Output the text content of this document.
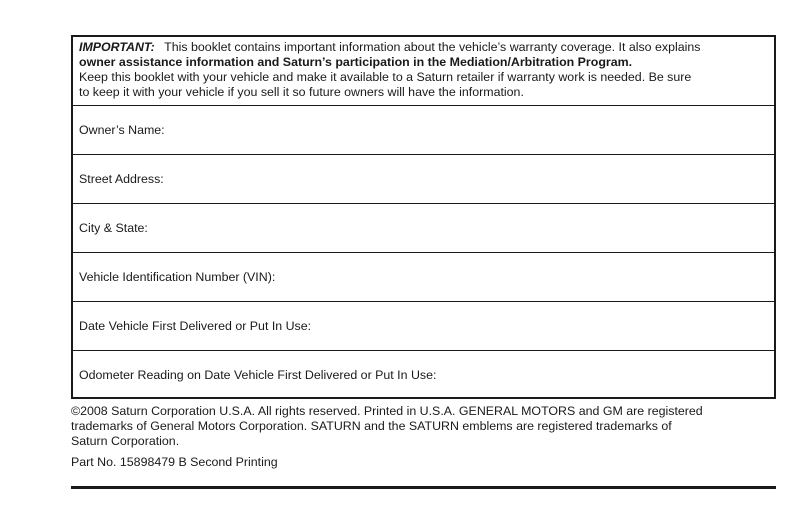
IMPORTANT: This booklet contains important information about the vehicle’s warranty coverage. It also explains
owner assistance information and Saturn’s participation in the Mediation/Arbitration Program.
Keep this booklet with your vehicle and make it available to a Saturn retailer if warranty work is needed. Be sure
to keep it with your vehicle if you sell it so future owners will have the information.
Owner’s Name:
Street Address:
City & State:
Vehicle Identification Number (VIN):
Date Vehicle First Delivered or Put In Use:
Odometer Reading on Date Vehicle First Delivered or Put In Use:
©2008 Saturn Corporation U.S.A. All rights reserved. Printed in U.S.A. GENERAL MOTORS and GM are registered
trademarks of General Motors Corporation. SATURN and the SATURN emblems are registered trademarks of
Saturn Corporation.
Part No. 15898479 B Second Printing
